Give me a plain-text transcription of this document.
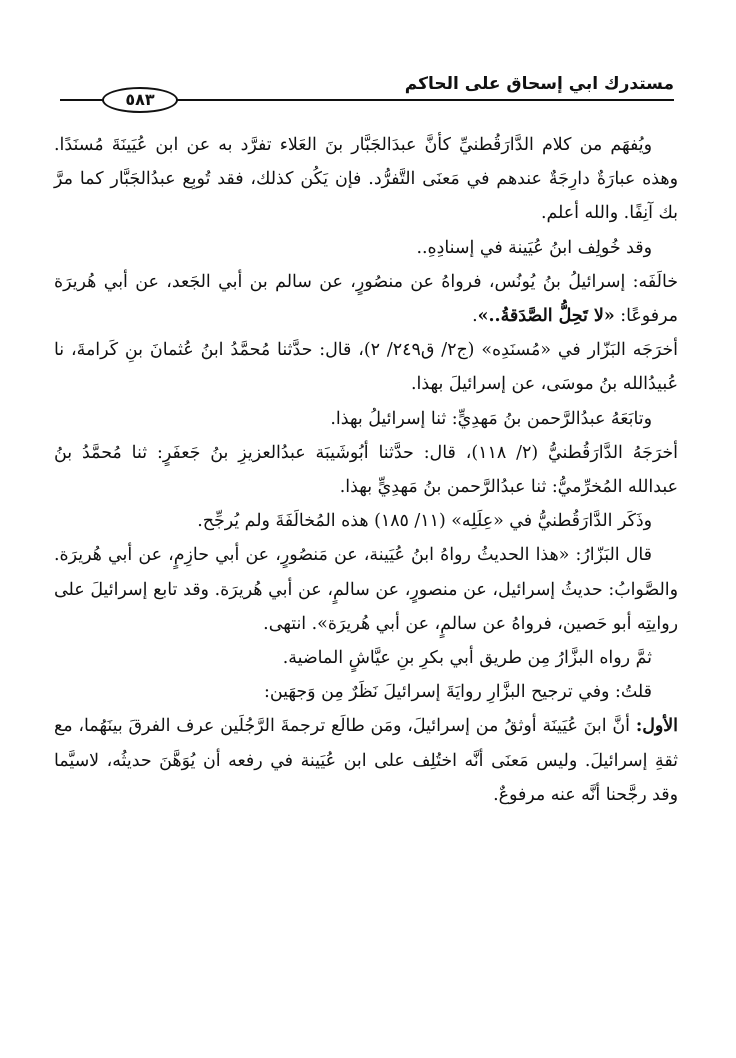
مستدرك ابي إسحاق على الحاكم
٥٨٣

ويُفهَم من كلام الدَّارَقُطنيِّ كأنَّ عبدَالجَبَّار بنَ العَلاء تفرَّد به عن ابن عُيَينَةَ مُسنَدًا. وهذه عبارَةٌ دارِجَةٌ عندهم في مَعنَى التَّفرُّد. فإن يَكُن كذلك، فقد تُوبِع عبدُالجَبَّار كما مرَّ بك آنِفًا. والله أعلم.

وقد خُولِف ابنُ عُيَينة في إسنادِهِ..

خالَفَه: إسرائيلُ بنُ يُونُس، فرواهُ عن منصُورٍ، عن سالم بن أبي الجَعد، عن أبي هُريرَة مرفوعًا: «لا تَحِلُّ الصَّدَقةُ..».

أخرَجَه البَزّار في «مُسنَدِه» (ج٢/ ق٢٤٩/ ٢)، قال: حدَّثنا مُحمَّدُ ابنُ عُثمانَ بنِ كَرامةَ، نا عُبيدُالله بنُ موسَى، عن إسرائيلَ بهذا.

وتابَعَهُ عبدُالرَّحمن بنُ مَهدِيٍّ: ثنا إسرائيلُ بهذا.

أخرَجَهُ الدَّارَقُطنيُّ (٢/ ١١٨)، قال: حدَّثنا أبُوشَيبَة عبدُالعزيزِ بنُ جَعفَرٍ: ثنا مُحمَّدُ بنُ عبدالله المُخرِّميُّ: ثنا عبدُالرَّحمن بنُ مَهدِيٍّ بهذا.

وذَكَر الدَّارَقُطنيُّ في «عِلَلِه» (١١/ ١٨٥) هذه المُخالَفَةَ ولم يُرجِّح.

قال البَزّارُ: «هذا الحديثُ رواهُ ابنُ عُيَينة، عن مَنصُورٍ، عن أبي حازِمٍ، عن أبي هُريرَة. والصَّوابُ: حديثُ إسرائيل، عن منصورٍ، عن سالمٍ، عن أبي هُريرَة. وقد تابع إسرائيلَ على روايتِه أبو حَصين، فرواهُ عن سالمٍ، عن أبي هُريرَة». انتهى.

ثمَّ رواه البزَّارُ مِن طريق أبي بكرِ بنِ عيَّاشٍ الماضية.

قلتُ: وفي ترجيح البزَّارِ روايَةَ إسرائيلَ نَظَرٌ مِن وَجهَين:

الأول: أنَّ ابنَ عُيَينَة أوثقُ من إسرائيلَ، ومَن طالَع ترجمةَ الرَّجُلَين عرف الفرقَ بينَهُما، مع ثقةِ إسرائيلَ. وليس مَعنَى أنَّه اختُلِف على ابن عُيَينة في رفعه أن يُوَهَّنَ حديثُه، لاسيَّما وقد رجَّحنا أنَّه عنه مرفوعٌ.
